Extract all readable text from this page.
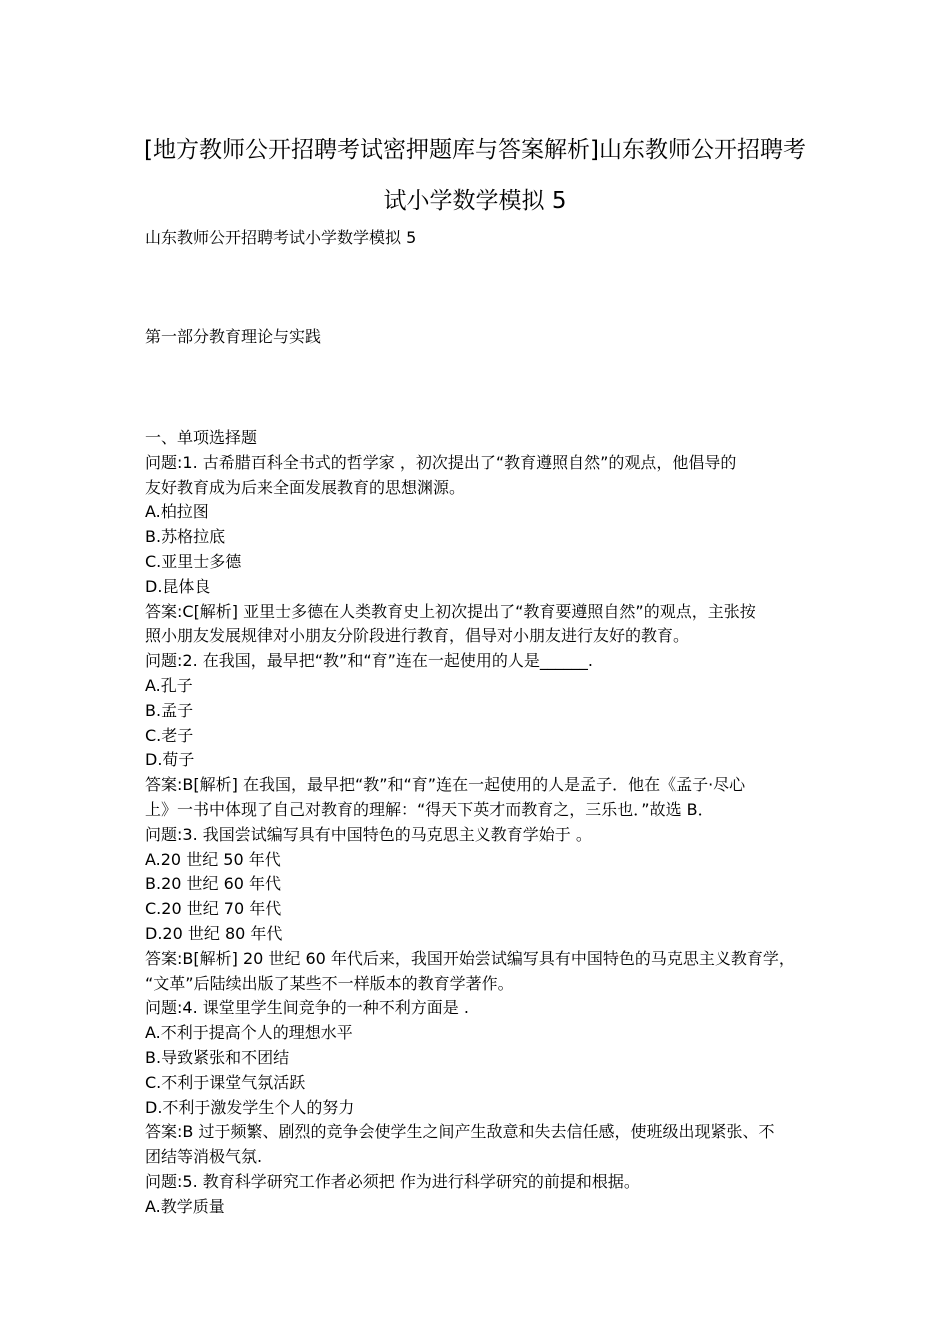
[地方教师公开招聘考试密押题库与答案解析]山东教师公开招聘考
试小学数学模拟 5
山东教师公开招聘考试小学数学模拟 5
第一部分教育理论与实践
一、单项选择题
问题:1. 古希腊百科全书式的哲学家 ，初次提出了“教育遵照自然”的观点，他倡导的
友好教育成为后来全面发展教育的思想渊源。
A.柏拉图
B.苏格拉底
C.亚里士多德
D.昆体良
答案:C[解析] 亚里士多德在人类教育史上初次提出了“教育要遵照自然”的观点，主张按
照小朋友发展规律对小朋友分阶段进行教育，倡导对小朋友进行友好的教育。
问题:2. 在我国，最早把“教”和“育”连在一起使用的人是______.
A.孔子
B.孟子
C.老子
D.荀子
答案:B[解析] 在我国，最早把“教”和“育”连在一起使用的人是孟子．他在《孟子·尽心
上》一书中体现了自己对教育的理解：“得天下英才而教育之，三乐也．”故选 B．
问题:3. 我国尝试编写具有中国特色的马克思主义教育学始于 。
A.20 世纪 50 年代
B.20 世纪 60 年代
C.20 世纪 70 年代
D.20 世纪 80 年代
答案:B[解析] 20 世纪 60 年代后来，我国开始尝试编写具有中国特色的马克思主义教育学，
“文革”后陆续出版了某些不一样版本的教育学著作。
问题:4. 课堂里学生间竞争的一种不利方面是 .
A.不利于提高个人的理想水平
B.导致紧张和不团结
C.不利于课堂气氛活跃
D.不利于激发学生个人的努力
答案:B 过于频繁、剧烈的竞争会使学生之间产生敌意和失去信任感，使班级出现紧张、不
团结等消极气氛.
问题:5. 教育科学研究工作者必须把 作为进行科学研究的前提和根据。
A.教学质量
